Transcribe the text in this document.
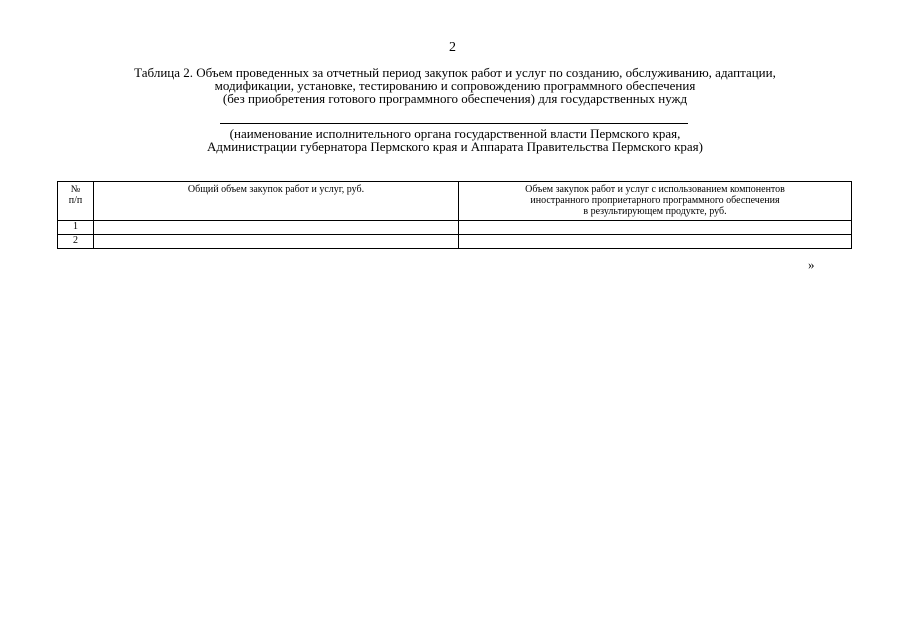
2
Таблица 2. Объем проведенных за отчетный период закупок работ и услуг по созданию, обслуживанию, адаптации,
модификации, установке, тестированию и сопровождению программного обеспечения
(без приобретения готового программного обеспечения) для государственных нужд
(наименование исполнительного органа государственной власти Пермского края,
Администрации губернатора Пермского края и Аппарата Правительства Пермского края)
№
п/п	Общий объем закупок работ и услуг, руб.	Объем закупок работ и услуг с использованием компонентов
иностранного проприетарного программного обеспечения
в результирующем продукте, руб.

1		
2		
»
